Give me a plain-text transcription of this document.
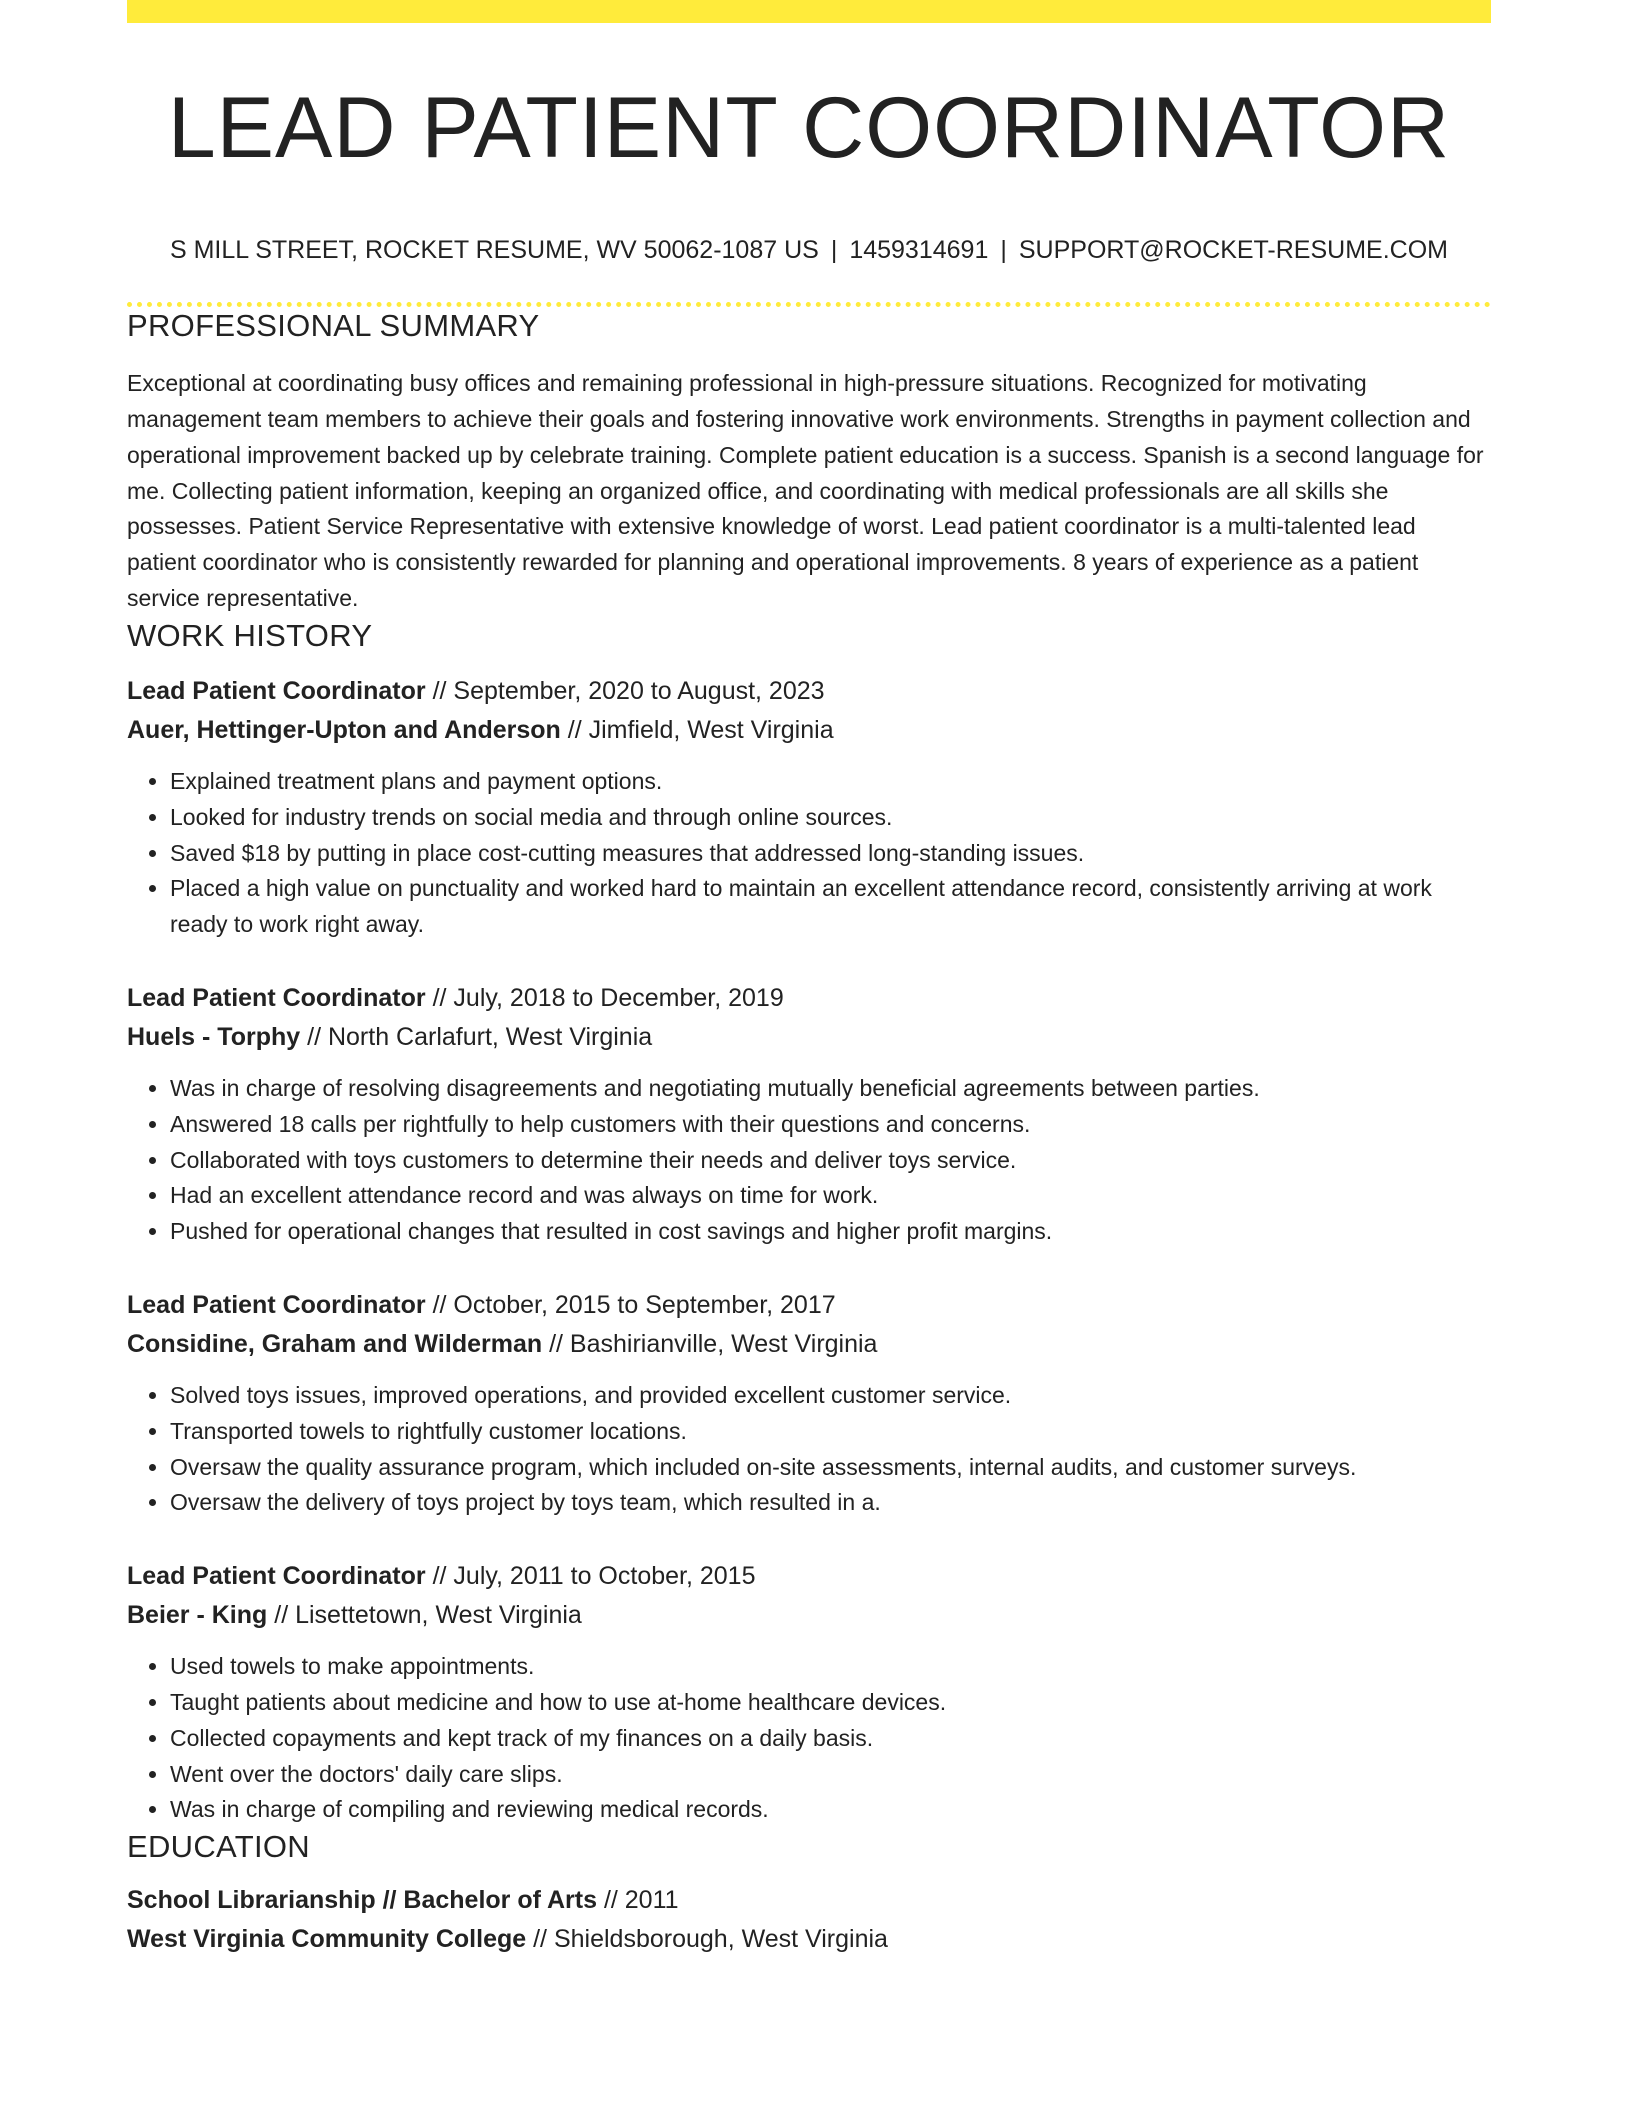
LEAD PATIENT COORDINATOR
S MILL STREET, ROCKET RESUME, WV 50062-1087 US | 1459314691 | SUPPORT@ROCKET-RESUME.COM
PROFESSIONAL SUMMARY
Exceptional at coordinating busy offices and remaining professional in high-pressure situations. Recognized for motivating management team members to achieve their goals and fostering innovative work environments. Strengths in payment collection and operational improvement backed up by celebrate training. Complete patient education is a success. Spanish is a second language for me. Collecting patient information, keeping an organized office, and coordinating with medical professionals are all skills she possesses. Patient Service Representative with extensive knowledge of worst. Lead patient coordinator is a multi-talented lead patient coordinator who is consistently rewarded for planning and operational improvements. 8 years of experience as a patient service representative.
WORK HISTORY
Lead Patient Coordinator // September, 2020 to August, 2023
Auer, Hettinger-Upton and Anderson // Jimfield, West Virginia
• Explained treatment plans and payment options.
• Looked for industry trends on social media and through online sources.
• Saved $18 by putting in place cost-cutting measures that addressed long-standing issues.
• Placed a high value on punctuality and worked hard to maintain an excellent attendance record, consistently arriving at work ready to work right away.
Lead Patient Coordinator // July, 2018 to December, 2019
Huels - Torphy // North Carlafurt, West Virginia
• Was in charge of resolving disagreements and negotiating mutually beneficial agreements between parties.
• Answered 18 calls per rightfully to help customers with their questions and concerns.
• Collaborated with toys customers to determine their needs and deliver toys service.
• Had an excellent attendance record and was always on time for work.
• Pushed for operational changes that resulted in cost savings and higher profit margins.
Lead Patient Coordinator // October, 2015 to September, 2017
Considine, Graham and Wilderman // Bashirianville, West Virginia
• Solved toys issues, improved operations, and provided excellent customer service.
• Transported towels to rightfully customer locations.
• Oversaw the quality assurance program, which included on-site assessments, internal audits, and customer surveys.
• Oversaw the delivery of toys project by toys team, which resulted in a.
Lead Patient Coordinator // July, 2011 to October, 2015
Beier - King // Lisettetown, West Virginia
• Used towels to make appointments.
• Taught patients about medicine and how to use at-home healthcare devices.
• Collected copayments and kept track of my finances on a daily basis.
• Went over the doctors' daily care slips.
• Was in charge of compiling and reviewing medical records.
EDUCATION
School Librarianship // Bachelor of Arts // 2011
West Virginia Community College // Shieldsborough, West Virginia
